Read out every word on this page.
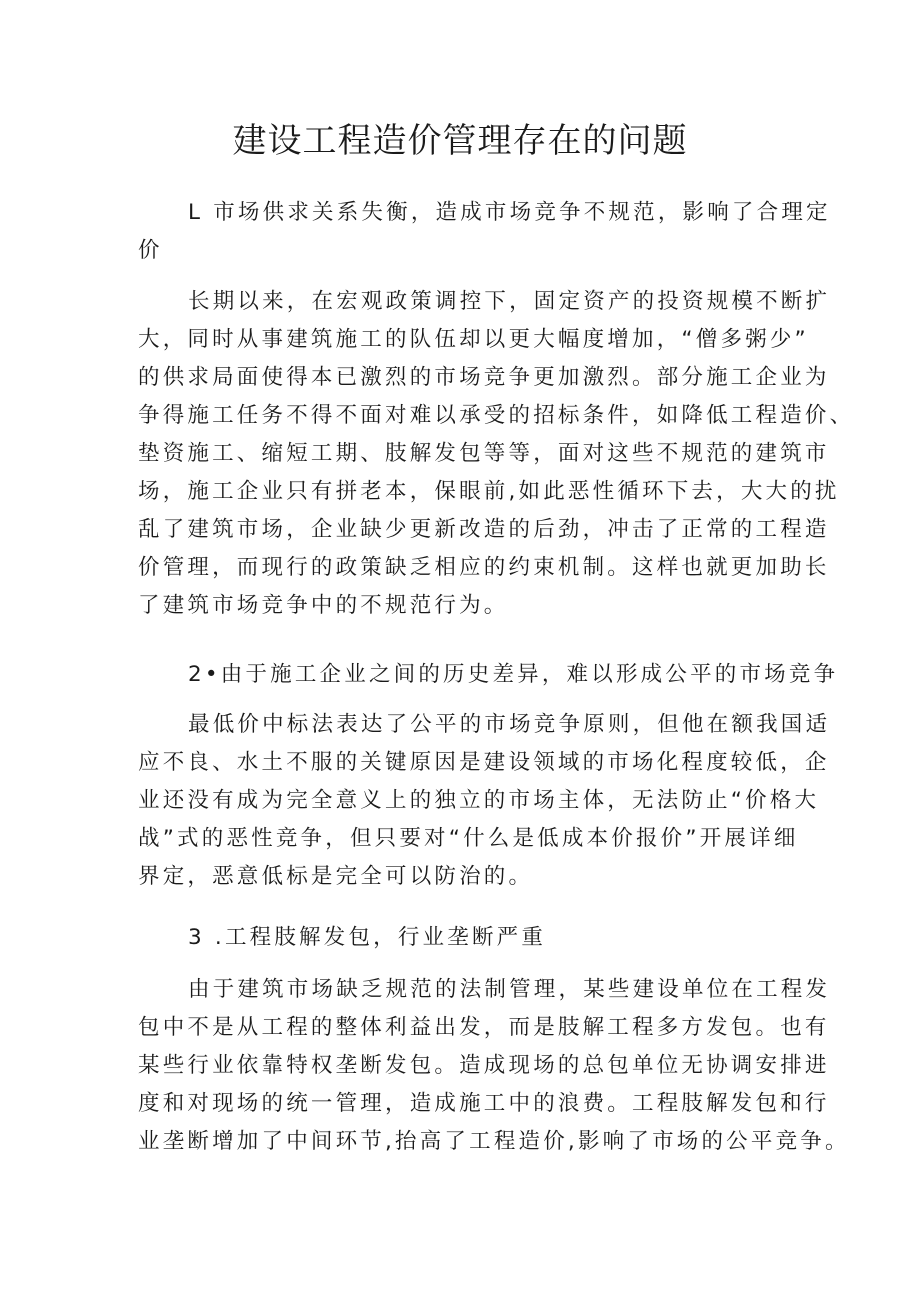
建设工程造价管理存在的问题
L 市场供求关系失衡，造成市场竞争不规范，影响了合理定
价
长期以来，在宏观政策调控下，固定资产的投资规模不断扩
大，同时从事建筑施工的队伍却以更大幅度增加，“僧多粥少”
的供求局面使得本已激烈的市场竞争更加激烈。部分施工企业为
争得施工任务不得不面对难以承受的招标条件，如降低工程造价、
垫资施工、缩短工期、肢解发包等等，面对这些不规范的建筑市
场，施工企业只有拼老本，保眼前,如此恶性循环下去，大大的扰
乱了建筑市场，企业缺少更新改造的后劲，冲击了正常的工程造
价管理，而现行的政策缺乏相应的约束机制。这样也就更加助长
了建筑市场竞争中的不规范行为。
2•由于施工企业之间的历史差异，难以形成公平的市场竞争
最低价中标法表达了公平的市场竞争原则，但他在额我国适
应不良、水土不服的关键原因是建设领域的市场化程度较低，企
业还没有成为完全意义上的独立的市场主体，无法防止“价格大
战”式的恶性竞争，但只要对“什么是低成本价报价”开展详细
界定，恶意低标是完全可以防治的。
3 .工程肢解发包，行业垄断严重
由于建筑市场缺乏规范的法制管理，某些建设单位在工程发
包中不是从工程的整体利益出发，而是肢解工程多方发包。也有
某些行业依靠特权垄断发包。造成现场的总包单位无协调安排进
度和对现场的统一管理，造成施工中的浪费。工程肢解发包和行
业垄断增加了中间环节,抬高了工程造价,影响了市场的公平竞争。
